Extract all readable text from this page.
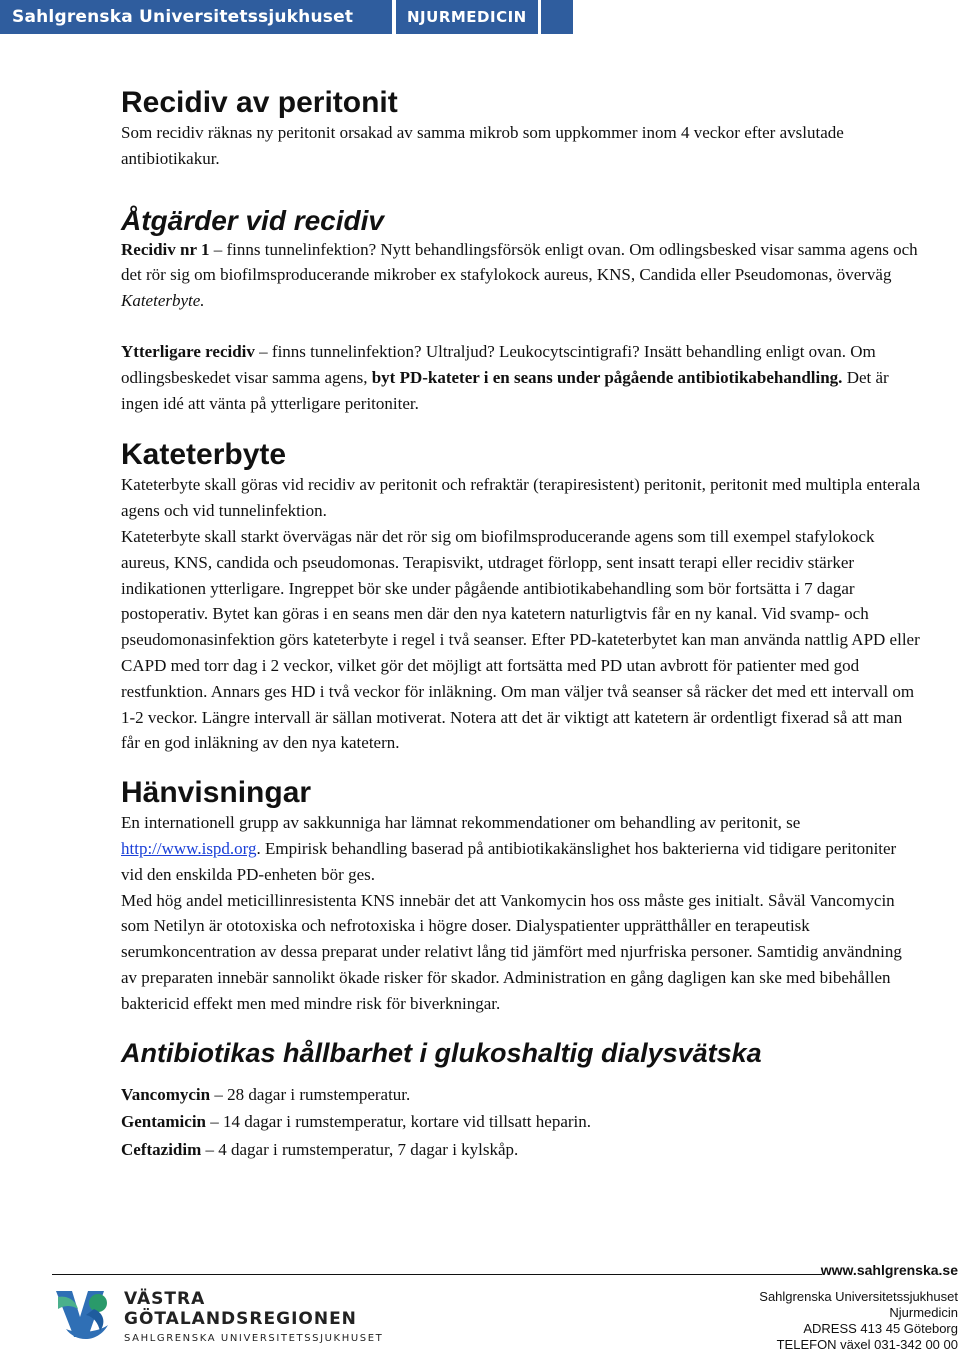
Sahlgrenska Universitetssjukhuset	NJURMEDICIN
Recidiv av peritonit

Som recidiv räknas ny peritonit orsakad av samma mikrob som uppkommer inom 4 veckor efter avslutade antibiotikakur.

Åtgärder vid recidiv

Recidiv nr 1 – finns tunnelinfektion? Nytt behandlingsförsök enligt ovan. Om odlingsbesked visar samma agens och det rör sig om biofilmsproducerande mikrober ex stafylokock aureus, KNS, Candida eller Pseudomonas, överväg Kateterbyte.

Ytterligare recidiv – finns tunnelinfektion? Ultraljud? Leukocytscintigrafi? Insätt behandling enligt ovan. Om odlingsbeskedet visar samma agens, byt PD-kateter i en seans under pågående antibiotikabehandling. Det är ingen idé att vänta på ytterligare peritoniter.

Kateterbyte

Kateterbyte skall göras vid recidiv av peritonit och refraktär (terapiresistent) peritonit, peritonit med multipla enterala agens och vid tunnelinfektion.

Kateterbyte skall starkt övervägas när det rör sig om biofilmsproducerande agens som till exempel stafylokock aureus, KNS, candida och pseudomonas. Terapisvikt, utdraget förlopp, sent insatt terapi eller recidiv stärker indikationen ytterligare. Ingreppet bör ske under pågående antibiotikabehandling som bör fortsätta i 7 dagar postoperativ. Bytet kan göras i en seans men där den nya katetern naturligtvis får en ny kanal. Vid svamp- och pseudomonasinfektion görs kateterbyte i regel i två seanser. Efter PD-kateterbytet kan man använda nattlig APD eller CAPD med torr dag i 2 veckor, vilket gör det möjligt att fortsätta med PD utan avbrott för patienter med god restfunktion. Annars ges HD i två veckor för inläkning. Om man väljer två seanser så räcker det med ett intervall om 1-2 veckor. Längre intervall är sällan motiverat. Notera att det är viktigt att katetern är ordentligt fixerad så att man får en god inläkning av den nya katetern.

Hänvisningar

En internationell grupp av sakkunniga har lämnat rekommendationer om behandling av peritonit, se http://www.ispd.org. Empirisk behandling baserad på antibiotikakänslighet hos bakterierna vid tidigare peritoniter vid den enskilda PD-enheten bör ges.

Med hög andel meticillinresistenta KNS innebär det att Vankomycin hos oss måste ges initialt. Såväl Vancomycin som Netilyn är ototoxiska och nefrotoxiska i högre doser. Dialyspatienter upprätthåller en terapeutisk serumkoncentration av dessa preparat under relativt lång tid jämfört med njurfriska personer. Samtidig användning av preparaten innebär sannolikt ökade risker för skador. Administration en gång dagligen kan ske med bibehållen baktericid effekt men med mindre risk för biverkningar.

Antibiotikas hållbarhet i glukoshaltig dialysvätska

Vancomycin – 28 dagar i rumstemperatur.

Gentamicin – 14 dagar i rumstemperatur, kortare vid tillsatt heparin.

Ceftazidim – 4 dagar i rumstemperatur, 7 dagar i kylskåp.

www.sahlgrenska.se
VÄSTRA
GÖTALANDSREGIONEN
SAHLGRENSKA UNIVERSITETSSJUKHUSET
Sahlgrenska Universitetssjukhuset
Njurmedicin
ADRESS 413 45 Göteborg
TELEFON växel 031-342 00 00
